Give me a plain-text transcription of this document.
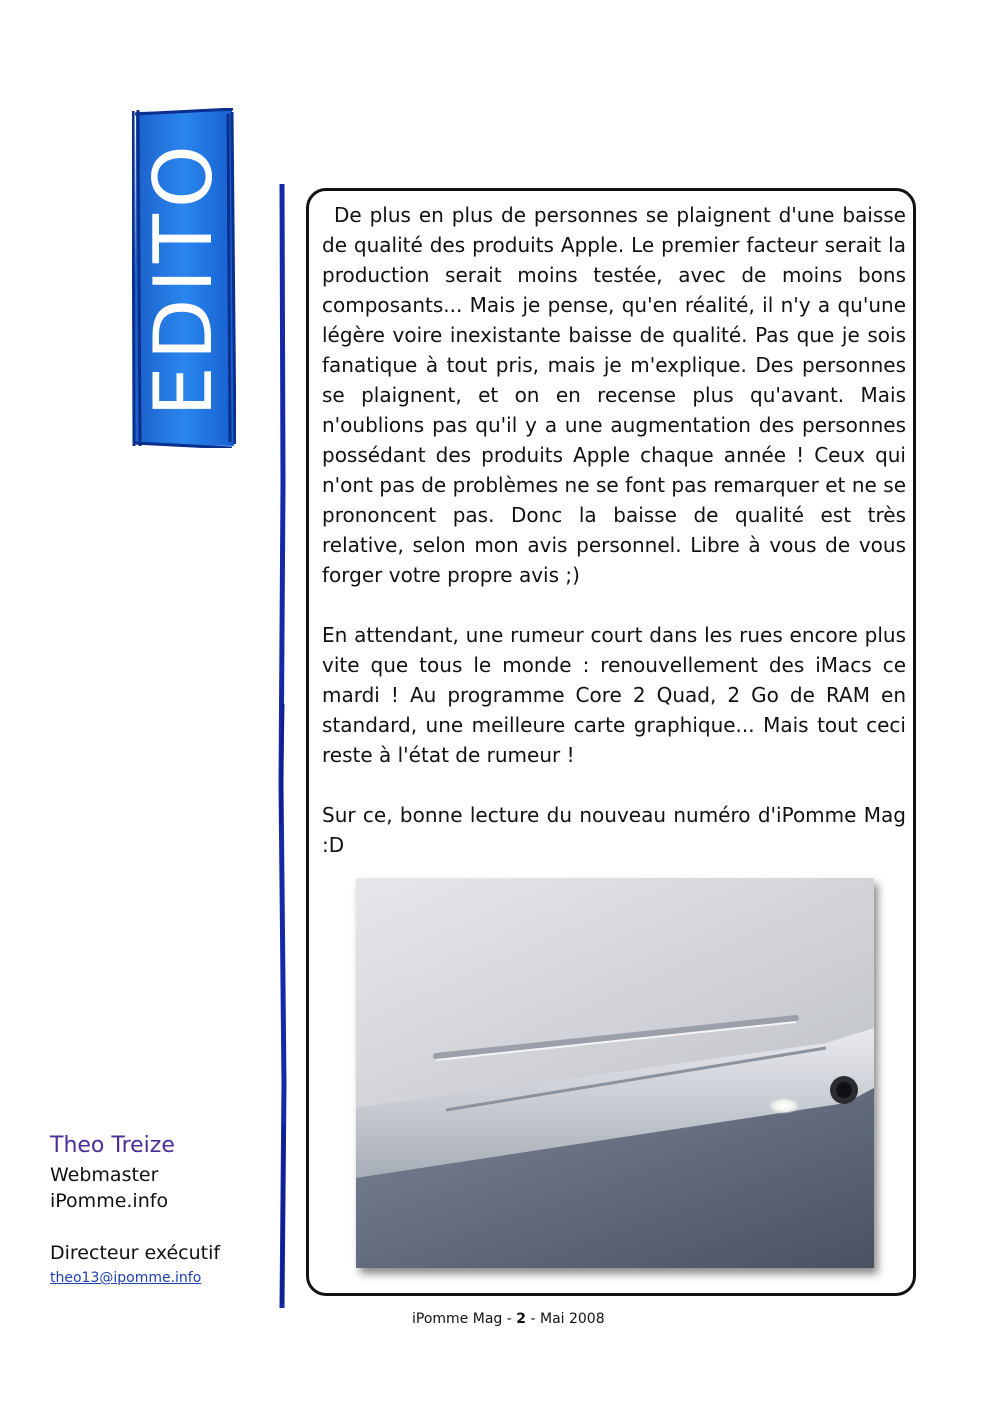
EDITO	De plus en plus de personnes se plaignent d'une baisse de qualité des produits Apple. Le premier facteur serait la production serait moins testée, avec de moins bons composants... Mais je pense, qu'en réalité, il n'y a qu'une légère voire inexistante baisse de qualité. Pas que je sois fanatique à tout pris, mais je m'explique. Des personnes se plaignent, et on en recense plus qu'avant. Mais n'oublions pas qu'il y a une augmentation des personnes possédant des produits Apple chaque année ! Ceux qui n'ont pas de problèmes ne se font pas remarquer et ne se prononcent pas. Donc la baisse de qualité est très relative, selon mon avis personnel. Libre à vous de vous forger votre propre avis ;)

En attendant, une rumeur court dans les rues encore plus vite que tous le monde : renouvellement des iMacs ce mardi ! Au programme Core 2 Quad, 2 Go de RAM en standard, une meilleure carte graphique... Mais tout ceci reste à l'état de rumeur !

Sur ce, bonne lecture du nouveau numéro d'iPomme Mag :D

Theo Treize
Webmaster
iPomme.info
Directeur exécutif
theo13@ipomme.info
iPomme Mag - 2 - Mai 2008
